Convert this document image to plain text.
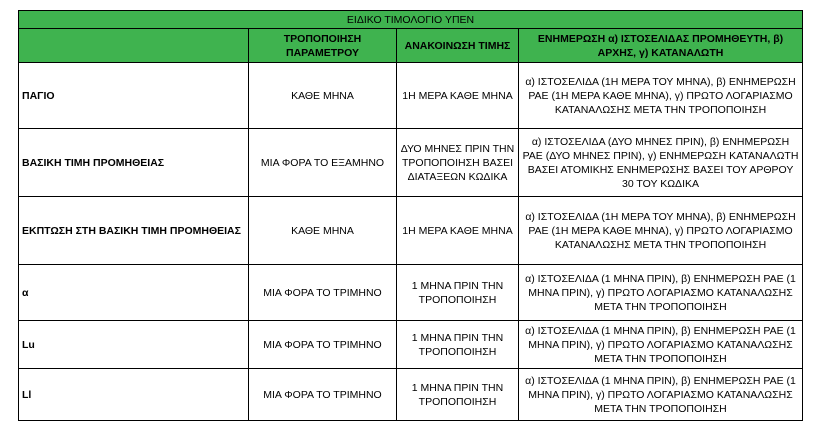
ΕΙΔΙΚΟ ΤΙΜΟΛΟΓΙΟ ΥΠΕΝ			
	ΤΡΟΠΟΠΟΙΗΣΗ ΠΑΡΑΜΕΤΡΟΥ	ΑΝΑΚΟΙΝΩΣΗ ΤΙΜΗΣ	ΕΝΗΜΕΡΩΣΗ α) ΙΣΤΟΣΕΛΙΔΑΣ ΠΡΟΜΗΘΕΥΤΗ, β) ΑΡΧΗΣ, γ) ΚΑΤΑΝΑΛΩΤΗ
ΠΑΓΙΟ	ΚΑΘΕ ΜΗΝΑ	1Η ΜΕΡΑ ΚΑΘΕ ΜΗΝΑ	α) ΙΣΤΟΣΕΛΙΔΑ (1Η ΜΕΡΑ ΤΟΥ ΜΗΝΑ), β) ΕΝΗΜΕΡΩΣΗ ΡΑΕ (1Η ΜΕΡΑ ΚΑΘΕ ΜΗΝΑ), γ) ΠΡΩΤΟ ΛΟΓΑΡΙΑΣΜΟ ΚΑΤΑΝΑΛΩΣΗΣ ΜΕΤΑ ΤΗΝ ΤΡΟΠΟΠΟΙΗΣΗ
ΒΑΣΙΚΗ ΤΙΜΗ ΠΡΟΜΗΘΕΙΑΣ	ΜΙΑ ΦΟΡΑ ΤΟ ΕΞΑΜΗΝΟ	ΔΥΟ ΜΗΝΕΣ ΠΡΙΝ ΤΗΝ ΤΡΟΠΟΠΟΙΗΣΗ ΒΑΣΕΙ ΔΙΑΤΑΞΕΩΝ ΚΩΔΙΚΑ	α) ΙΣΤΟΣΕΛΙΔΑ (ΔΥΟ ΜΗΝΕΣ ΠΡΙΝ), β) ΕΝΗΜΕΡΩΣΗ ΡΑΕ (ΔΥΟ ΜΗΝΕΣ ΠΡΙΝ), γ) ΕΝΗΜΕΡΩΣΗ ΚΑΤΑΝΑΛΩΤΗ ΒΑΣΕΙ ΑΤΟΜΙΚΗΣ ΕΝΗΜΕΡΩΣΗΣ ΒΑΣΕΙ ΤΟΥ ΑΡΘΡΟΥ 30 ΤΟΥ ΚΩΔΙΚΑ
ΕΚΠΤΩΣΗ ΣΤΗ ΒΑΣΙΚΗ ΤΙΜΗ ΠΡΟΜΗΘΕΙΑΣ	ΚΑΘΕ ΜΗΝΑ	1Η ΜΕΡΑ ΚΑΘΕ ΜΗΝΑ	α) ΙΣΤΟΣΕΛΙΔΑ (1Η ΜΕΡΑ ΤΟΥ ΜΗΝΑ), β) ΕΝΗΜΕΡΩΣΗ ΡΑΕ (1Η ΜΕΡΑ ΚΑΘΕ ΜΗΝΑ), γ) ΠΡΩΤΟ ΛΟΓΑΡΙΑΣΜΟ ΚΑΤΑΝΑΛΩΣΗΣ ΜΕΤΑ ΤΗΝ ΤΡΟΠΟΠΟΙΗΣΗ
α	ΜΙΑ ΦΟΡΑ ΤΟ ΤΡΙΜΗΝΟ	1 ΜΗΝΑ ΠΡΙΝ ΤΗΝ ΤΡΟΠΟΠΟΙΗΣΗ	α) ΙΣΤΟΣΕΛΙΔΑ (1 ΜΗΝΑ ΠΡΙΝ), β) ΕΝΗΜΕΡΩΣΗ ΡΑΕ (1 ΜΗΝΑ ΠΡΙΝ), γ) ΠΡΩΤΟ ΛΟΓΑΡΙΑΣΜΟ ΚΑΤΑΝΑΛΩΣΗΣ ΜΕΤΑ ΤΗΝ ΤΡΟΠΟΠΟΙΗΣΗ
Lu	ΜΙΑ ΦΟΡΑ ΤΟ ΤΡΙΜΗΝΟ	1 ΜΗΝΑ ΠΡΙΝ ΤΗΝ ΤΡΟΠΟΠΟΙΗΣΗ	α) ΙΣΤΟΣΕΛΙΔΑ (1 ΜΗΝΑ ΠΡΙΝ), β) ΕΝΗΜΕΡΩΣΗ ΡΑΕ (1 ΜΗΝΑ ΠΡΙΝ), γ) ΠΡΩΤΟ ΛΟΓΑΡΙΑΣΜΟ ΚΑΤΑΝΑΛΩΣΗΣ ΜΕΤΑ ΤΗΝ ΤΡΟΠΟΠΟΙΗΣΗ
Ll	ΜΙΑ ΦΟΡΑ ΤΟ ΤΡΙΜΗΝΟ	1 ΜΗΝΑ ΠΡΙΝ ΤΗΝ ΤΡΟΠΟΠΟΙΗΣΗ	α) ΙΣΤΟΣΕΛΙΔΑ (1 ΜΗΝΑ ΠΡΙΝ), β) ΕΝΗΜΕΡΩΣΗ ΡΑΕ (1 ΜΗΝΑ ΠΡΙΝ), γ) ΠΡΩΤΟ ΛΟΓΑΡΙΑΣΜΟ ΚΑΤΑΝΑΛΩΣΗΣ ΜΕΤΑ ΤΗΝ ΤΡΟΠΟΠΟΙΗΣΗ
